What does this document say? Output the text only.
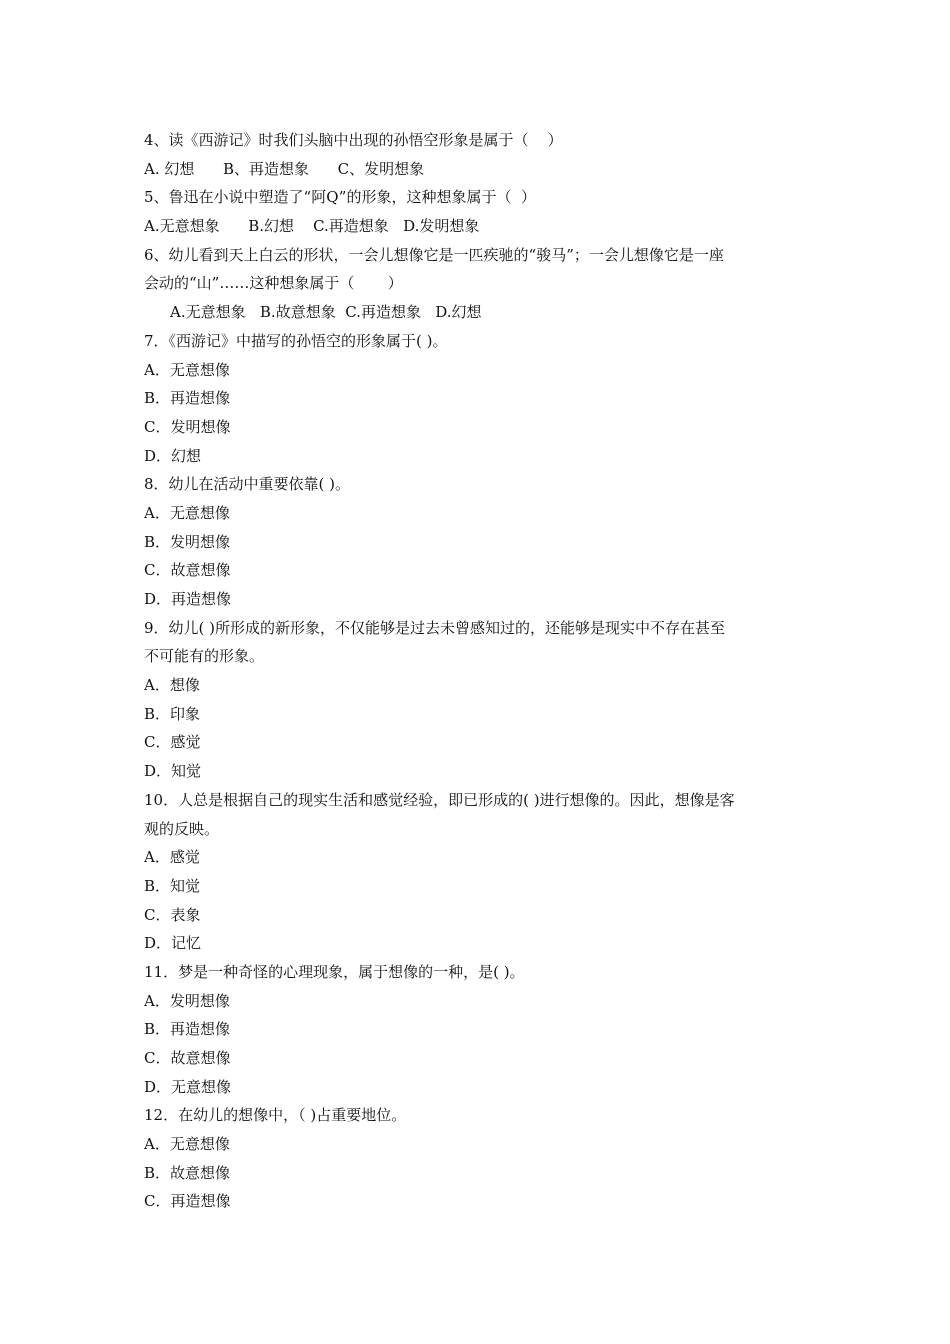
4、读《西游记》时我们头脑中出现的孙悟空形象是属于（    ）
A. 幻想      B、再造想象      C、发明想象
5、鲁迅在小说中塑造了“阿Q”的形象，这种想象属于（  ）
A.无意想象      B.幻想    C.再造想象   D.发明想象
6、幼儿看到天上白云的形状，一会儿想像它是一匹疾驰的“骏马”；一会儿想像它是一座
会动的“山”……这种想象属于（       ）
A.无意想象   B.故意想象  C.再造想象   D.幻想
7．《西游记》中描写的孙悟空的形象属于( )。
A．无意想像
B．再造想像
C．发明想像
D．幻想
8．幼儿在活动中重要依靠( )。
A．无意想像
B．发明想像
C．故意想像
D．再造想像
9．幼儿( )所形成的新形象，不仅能够是过去未曾感知过的，还能够是现实中不存在甚至
不可能有的形象。
A．想像
B．印象
C．感觉
D．知觉
10．人总是根据自己的现实生活和感觉经验，即已形成的( )进行想像的。因此，想像是客
观的反映。
A．感觉
B．知觉
C．表象
D．记忆
11．梦是一种奇怪的心理现象，属于想像的一种，是( )。
A．发明想像
B．再造想像
C．故意想像
D．无意想像
12．在幼儿的想像中，（ )占重要地位。
A．无意想像
B．故意想像
C．再造想像
